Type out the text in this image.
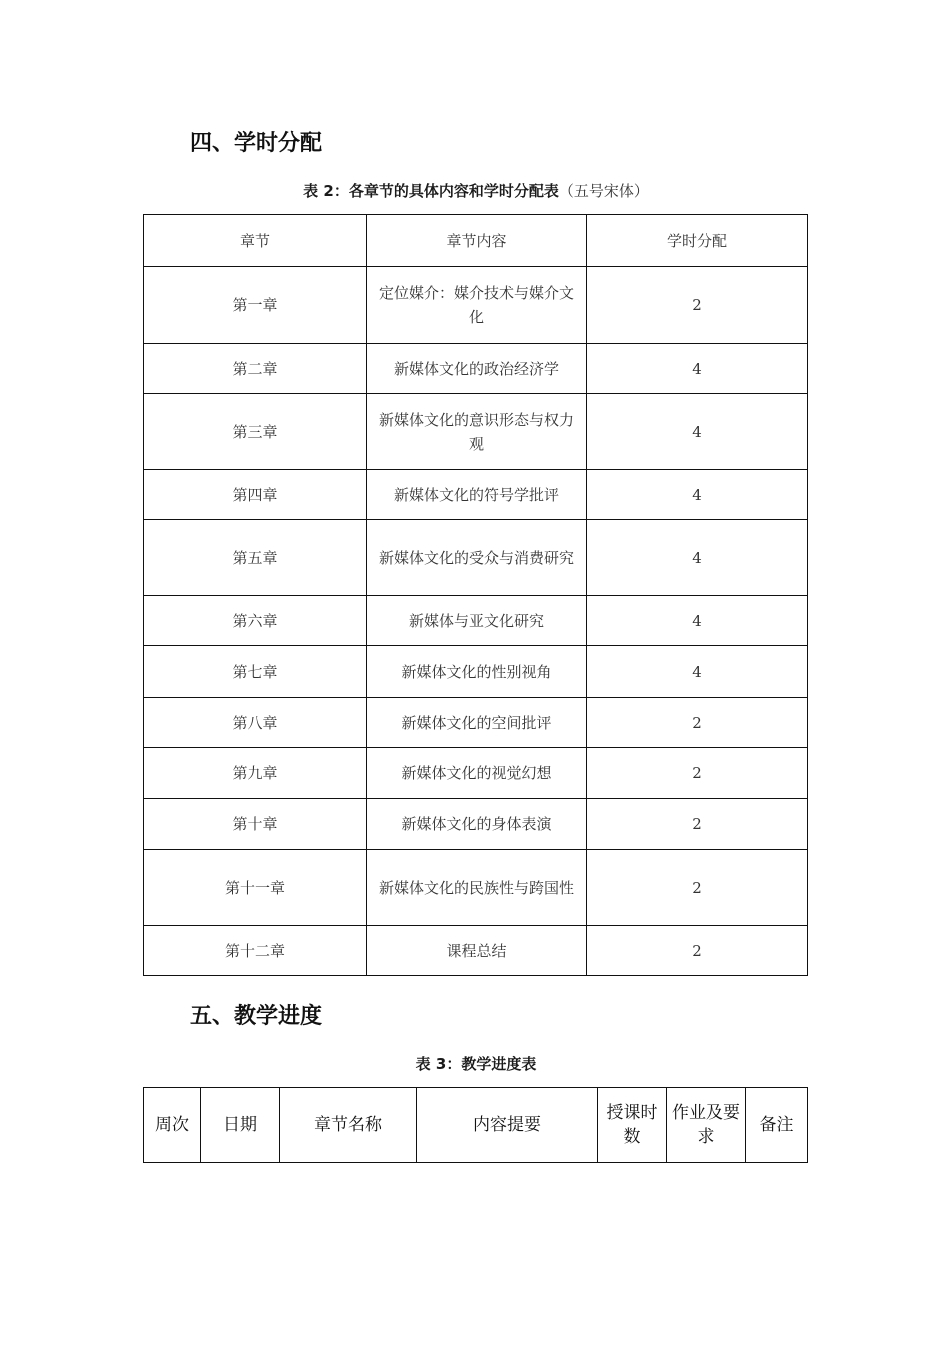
四、学时分配
表 2：各章节的具体内容和学时分配表（五号宋体）
章节	章节内容	学时分配
第一章	定位媒介：媒介技术与媒介文化	2
第二章	新媒体文化的政治经济学	4
第三章	新媒体文化的意识形态与权力观	4
第四章	新媒体文化的符号学批评	4
第五章	新媒体文化的受众与消费研究	4
第六章	新媒体与亚文化研究	4
第七章	新媒体文化的性别视角	4
第八章	新媒体文化的空间批评	2
第九章	新媒体文化的视觉幻想	2
第十章	新媒体文化的身体表演	2
第十一章	新媒体文化的民族性与跨国性	2
第十二章	课程总结	2
五、教学进度
表 3：教学进度表
周次	日期	章节名称	内容提要	授课时数	作业及要求	备注
